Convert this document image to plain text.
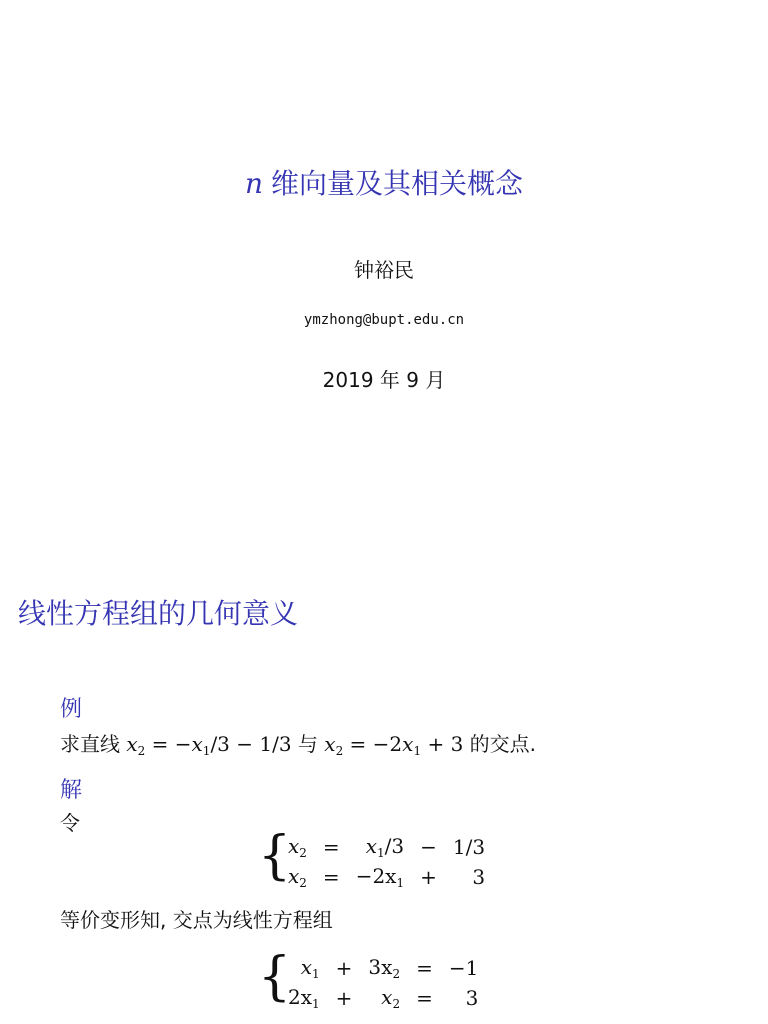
n 维向量及其相关概念
钟裕民
ymzhong@bupt.edu.cn
2019 年 9 月
线性方程组的几何意义
例
求直线 $x_2 = -x_1/3 - 1/3$ 与 $x_2 = -2x_1 + 3$ 的交点.
解
令
{
$x_2$	=	$x_1/3$	−	1/3
$x_2$	=	$-2x_1$	+	3
等价变形知, 交点为线性方程组
{ $x_1$	+	$3x_2$	=	−1
$2x_1$	+	$x_2$	=	3
